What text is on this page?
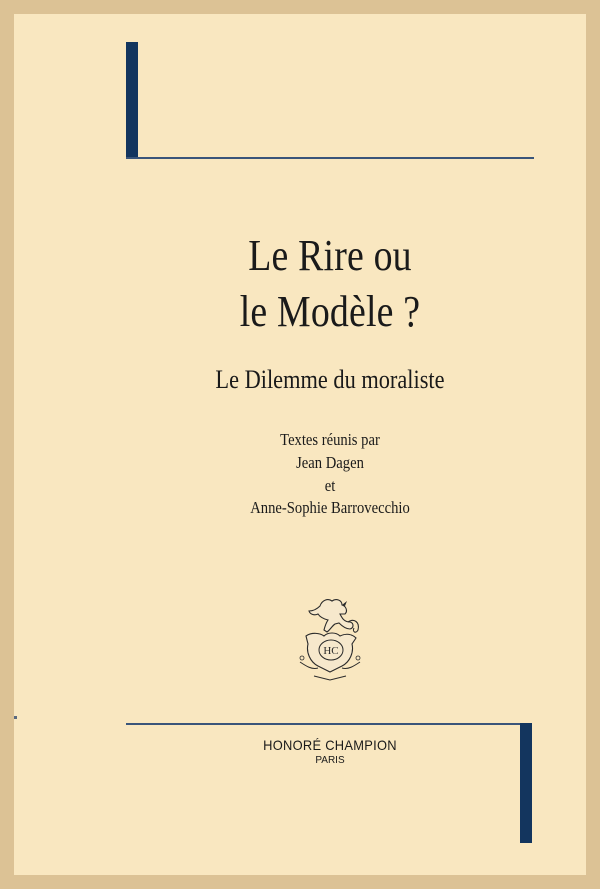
Le Rire ou
le Modèle ?
Le Dilemme du moraliste
Textes réunis par
Jean Dagen
et
Anne-Sophie Barrovecchio
HC
HONORÉ CHAMPION
PARIS
